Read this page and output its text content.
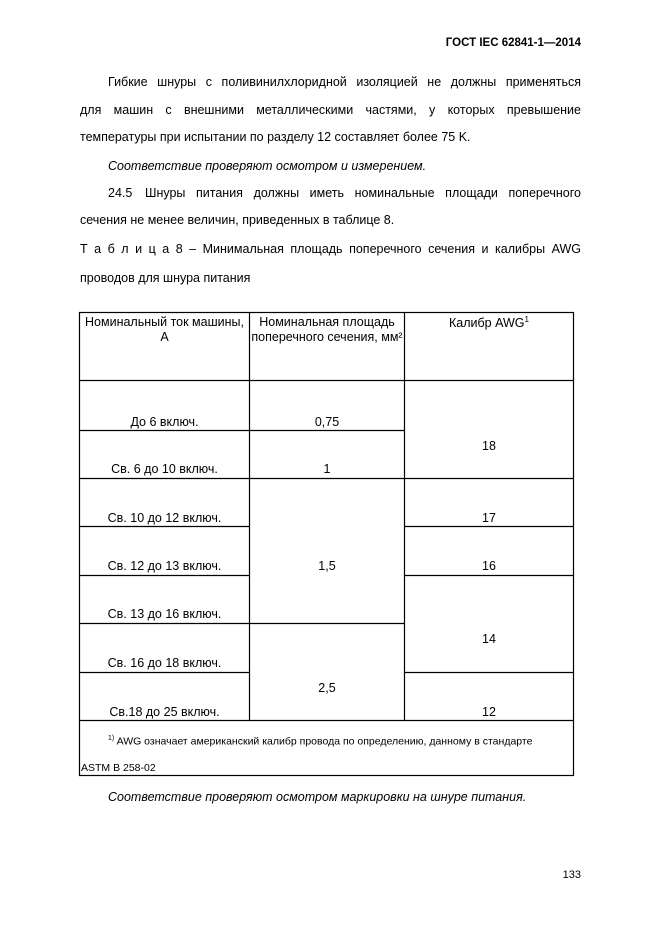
ГОСТ IEC 62841-1—2014
Гибкие шнуры с поливинилхлоридной изоляцией не должны применяться
для машин с внешними металлическими частями, у которых превышение
температуры при испытании по разделу 12 составляет более 75 K.
Соответствие проверяют осмотром и измерением.
24.5 Шнуры питания должны иметь номинальные площади поперечного
сечения не менее величин, приведенных в таблице 8.
Т а б л и ц а 8 – Минимальная площадь поперечного сечения и калибры AWG
проводов для шнура питания
Номинальный ток машины, А
Номинальная площадь поперечного сечения, мм²
Калибр AWG$^1$
До 6 включ.
Св. 6 до 10 включ.
Св. 10 до 12 включ.
Св. 12 до 13 включ.
Св. 13 до 16 включ.
Св. 16 до 18 включ.
Св.18 до 25 включ.
0,75
1
1,5
2,5
18
17
16
14
12
$^{1)}$ AWG означает американский калибр провода по определению, данному в стандарте
ASTM B 258-02
Соответствие проверяют осмотром маркировки на шнуре питания.
133
